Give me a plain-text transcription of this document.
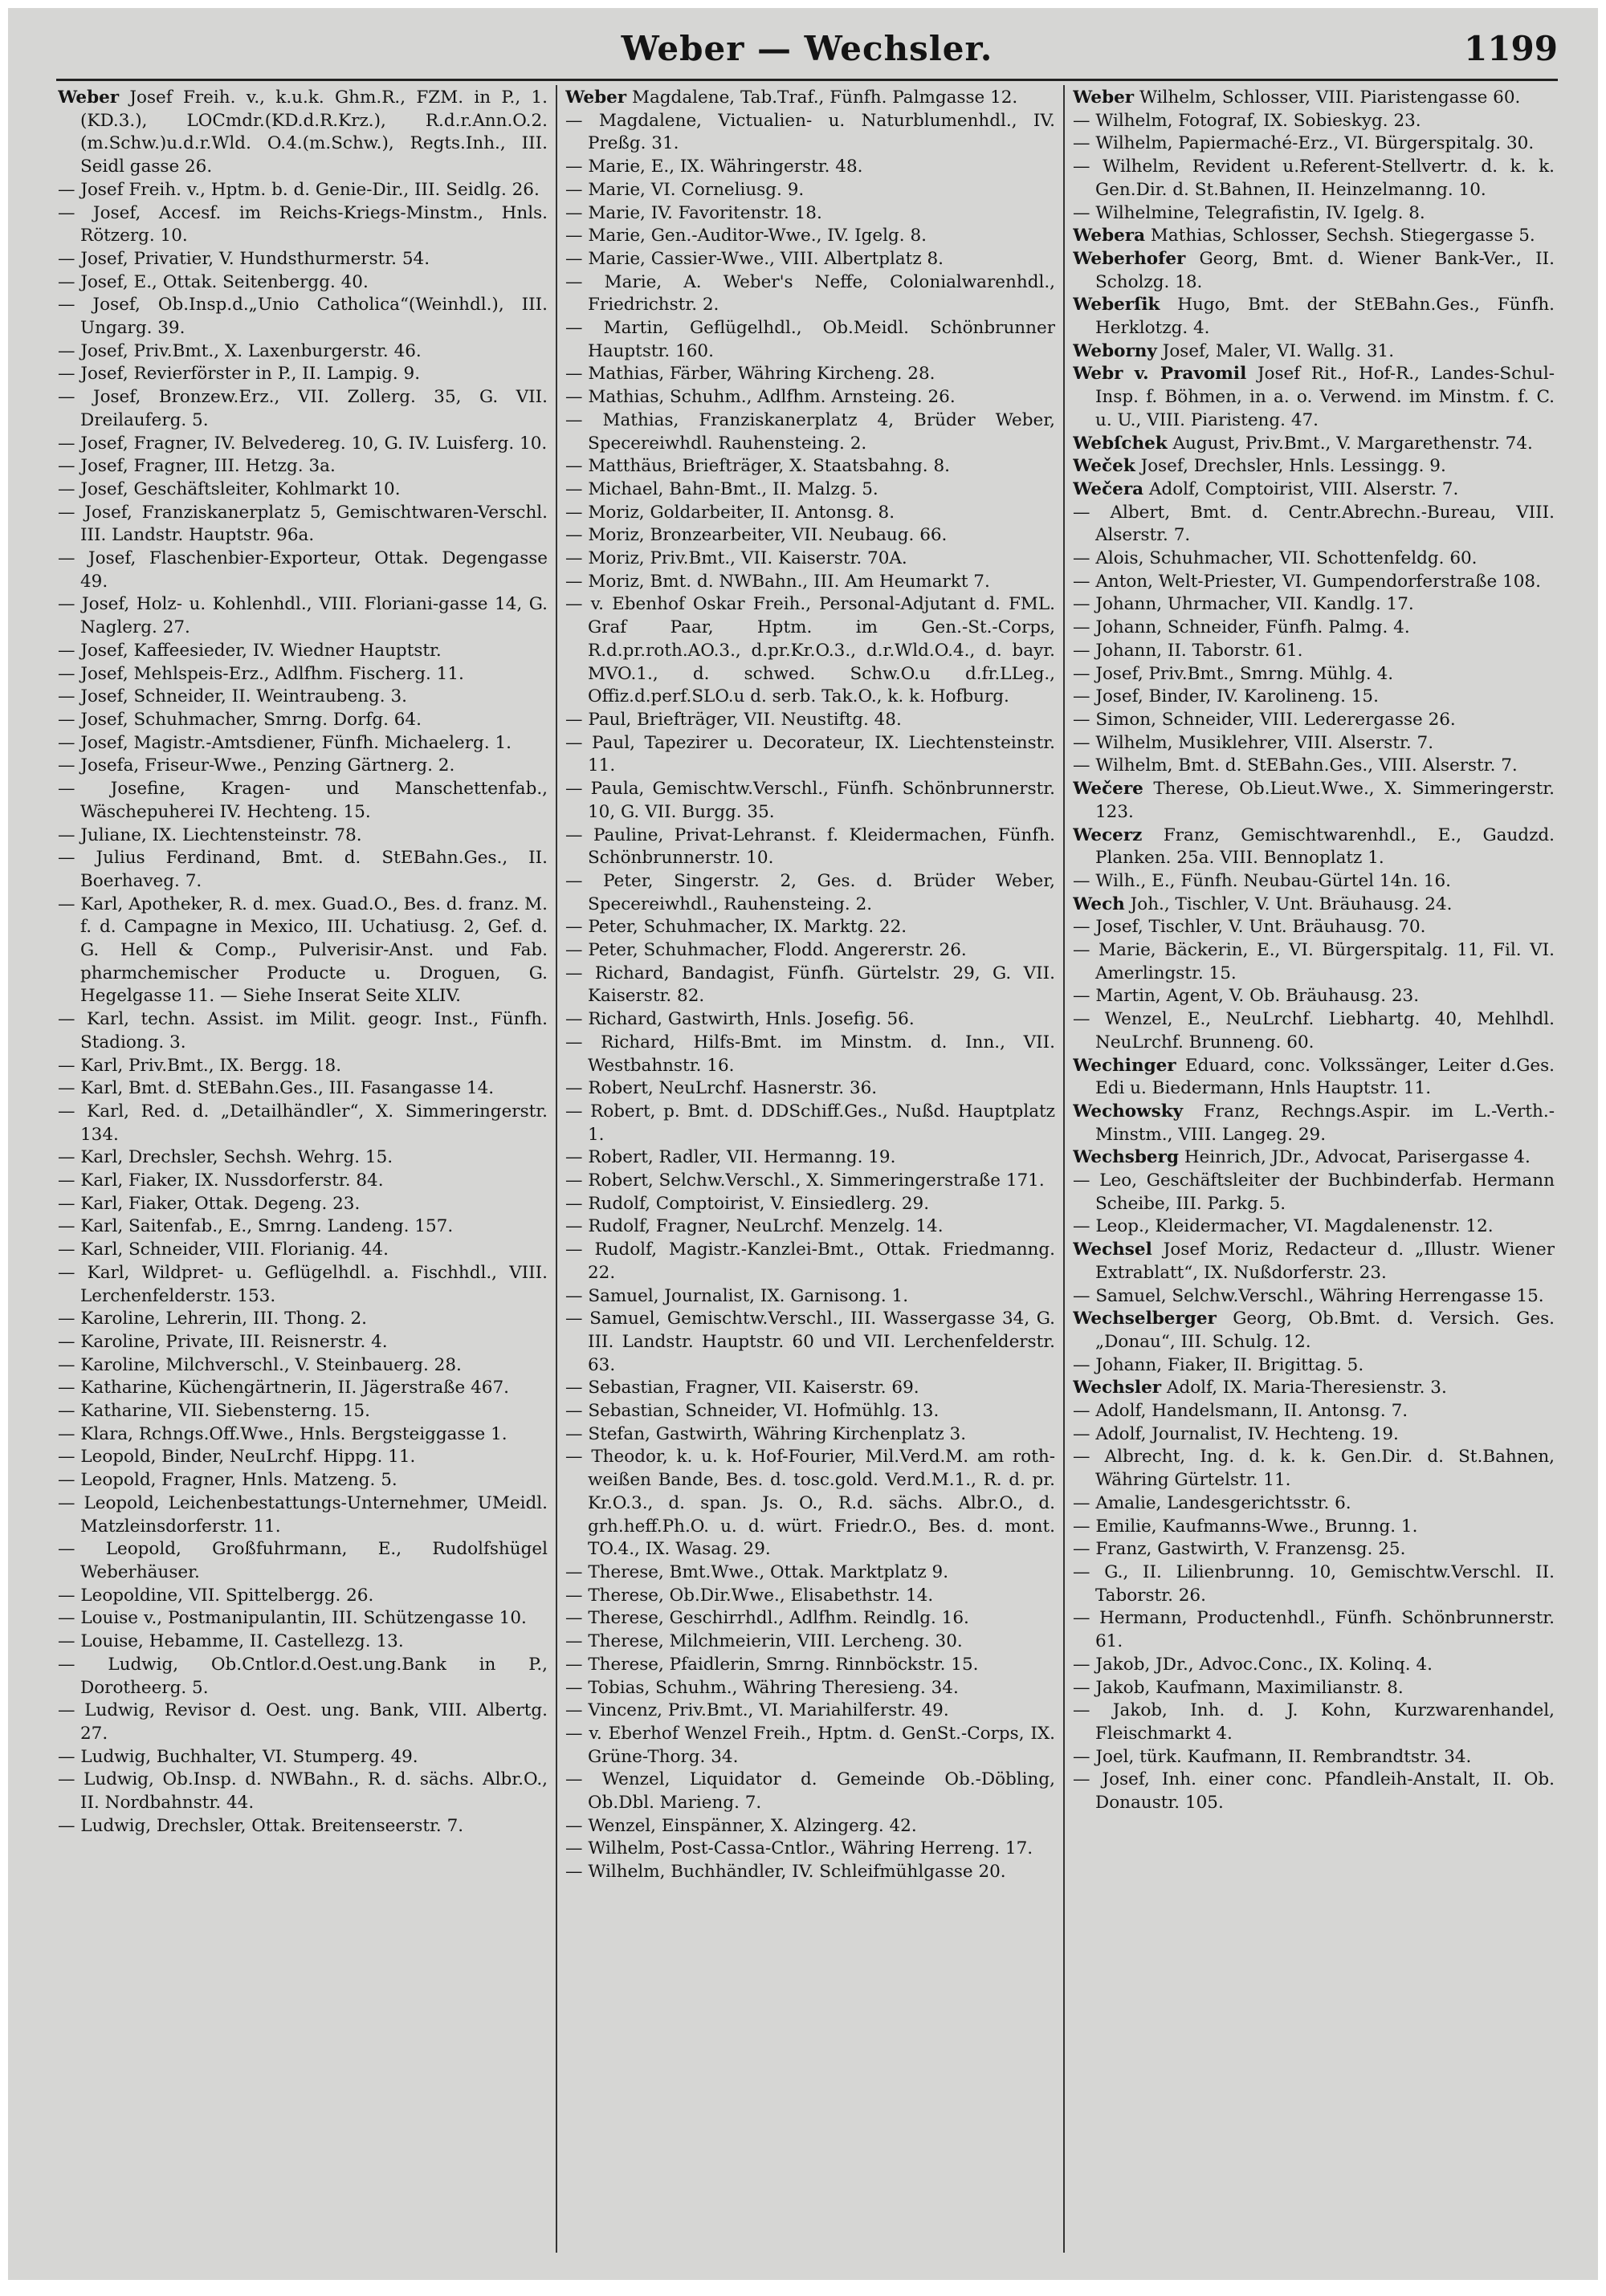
Weber — Wechsler.	1199

Weber Josef Freih. v., k.u.k. Ghm.R., FZM. in P., 1.(KD.3.), LOCmdr.(KD.d.R.Krz.), R.d.r.Ann.O.2.(m.Schw.)u.d.r.Wld. O.4.(m.Schw.), Regts.Inh., III. Seidl gasse 26.

— Josef Freih. v., Hptm. b. d. Genie-Dir., III. Seidlg. 26.

— Josef, Accesf. im Reichs-Kriegs-Minstm., Hnls. Rötzerg. 10.

— Josef, Privatier, V. Hundsthurmerstr. 54.

— Josef, E., Ottak. Seitenbergg. 40.

— Josef, Ob.Insp.d.„Unio Catholica“(Weinhdl.), III. Ungarg. 39.

— Josef, Priv.Bmt., X. Laxenburgerstr. 46.

— Josef, Revierförster in P., II. Lampig. 9.

— Josef, Bronzew.Erz., VII. Zollerg. 35, G. VII. Dreilauferg. 5.

— Josef, Fragner, IV. Belvedereg. 10, G. IV. Luisferg. 10.

— Josef, Fragner, III. Hetzg. 3a.

— Josef, Geschäftsleiter, Kohlmarkt 10.

— Josef, Franziskanerplatz 5, Gemischtwaren-Verschl. III. Landstr. Hauptstr. 96a.

— Josef, Flaschenbier-Exporteur, Ottak. Degengasse 49.

— Josef, Holz- u. Kohlenhdl., VIII. Floriani-gasse 14, G. Naglerg. 27.

— Josef, Kaffeesieder, IV. Wiedner Hauptstr.

— Josef, Mehlspeis-Erz., Adlfhm. Fischerg. 11.

— Josef, Schneider, II. Weintraubeng. 3.

— Josef, Schuhmacher, Smrng. Dorfg. 64.

— Josef, Magistr.-Amtsdiener, Fünfh. Michaelerg. 1.

— Josefa, Friseur-Wwe., Penzing Gärtnerg. 2.

— Josefine, Kragen- und Manschettenfab., Wäschepuherei IV. Hechteng. 15.

— Juliane, IX. Liechtensteinstr. 78.

— Julius Ferdinand, Bmt. d. StEBahn.Ges., II. Boerhaveg. 7.

— Karl, Apotheker, R. d. mex. Guad.O., Bes. d. franz. M. f. d. Campagne in Mexico, III. Uchatiusg. 2, Gef. d. G. Hell & Comp., Pulverisir-Anst. und Fab. pharmchemischer Producte u. Droguen, G. Hegelgasse 11. — Siehe Inserat Seite XLIV.

— Karl, techn. Assist. im Milit. geogr. Inst., Fünfh. Stadiong. 3.

— Karl, Priv.Bmt., IX. Bergg. 18.

— Karl, Bmt. d. StEBahn.Ges., III. Fasangasse 14.

— Karl, Red. d. „Detailhändler“, X. Simmeringerstr. 134.

— Karl, Drechsler, Sechsh. Wehrg. 15.

— Karl, Fiaker, IX. Nussdorferstr. 84.

— Karl, Fiaker, Ottak. Degeng. 23.

— Karl, Saitenfab., E., Smrng. Landeng. 157.

— Karl, Schneider, VIII. Florianig. 44.

— Karl, Wildpret- u. Geflügelhdl. a. Fischhdl., VIII. Lerchenfelderstr. 153.

— Karoline, Lehrerin, III. Thong. 2.

— Karoline, Private, III. Reisnerstr. 4.

— Karoline, Milchverschl., V. Steinbauerg. 28.

— Katharine, Küchengärtnerin, II. Jägerstraße 467.

— Katharine, VII. Siebensterng. 15.

— Klara, Rchngs.Off.Wwe., Hnls. Bergsteiggasse 1.

— Leopold, Binder, NeuLrchf. Hippg. 11.

— Leopold, Fragner, Hnls. Matzeng. 5.

— Leopold, Leichenbestattungs-Unternehmer, UMeidl. Matzleinsdorferstr. 11.

— Leopold, Großfuhrmann, E., Rudolfshügel Weberhäuser.

— Leopoldine, VII. Spittelbergg. 26.

— Louise v., Postmanipulantin, III. Schützengasse 10.

— Louise, Hebamme, II. Castellezg. 13.

— Ludwig, Ob.Cntlor.d.Oest.ung.Bank in P., Dorotheerg. 5.

— Ludwig, Revisor d. Oest. ung. Bank, VIII. Albertg. 27.

— Ludwig, Buchhalter, VI. Stumperg. 49.

— Ludwig, Ob.Insp. d. NWBahn., R. d. sächs. Albr.O., II. Nordbahnstr. 44.

— Ludwig, Drechsler, Ottak. Breitenseerstr. 7.

Weber Magdalene, Tab.Traf., Fünfh. Palmgasse 12.

— Magdalene, Victualien- u. Naturblumenhdl., IV. Preßg. 31.

— Marie, E., IX. Währingerstr. 48.

— Marie, VI. Corneliusg. 9.

— Marie, IV. Favoritenstr. 18.

— Marie, Gen.-Auditor-Wwe., IV. Igelg. 8.

— Marie, Cassier-Wwe., VIII. Albertplatz 8.

— Marie, A. Weber's Neffe, Colonialwarenhdl., Friedrichstr. 2.

— Martin, Geflügelhdl., Ob.Meidl. Schönbrunner Hauptstr. 160.

— Mathias, Färber, Währing Kircheng. 28.

— Mathias, Schuhm., Adlfhm. Arnsteing. 26.

— Mathias, Franziskanerplatz 4, Brüder Weber, Specereiwhdl. Rauhensteing. 2.

— Matthäus, Briefträger, X. Staatsbahng. 8.

— Michael, Bahn-Bmt., II. Malzg. 5.

— Moriz, Goldarbeiter, II. Antonsg. 8.

— Moriz, Bronzearbeiter, VII. Neubaug. 66.

— Moriz, Priv.Bmt., VII. Kaiserstr. 70A.

— Moriz, Bmt. d. NWBahn., III. Am Heumarkt 7.

— v. Ebenhof Oskar Freih., Personal-Adjutant d. FML. Graf Paar, Hptm. im Gen.-St.-Corps, R.d.pr.roth.AO.3., d.pr.Kr.O.3., d.r.Wld.O.4., d. bayr. MVO.1., d. schwed. Schw.O.u d.fr.LLeg., Offiz.d.perf.SLO.u d. serb. Tak.O., k. k. Hofburg.

— Paul, Briefträger, VII. Neustiftg. 48.

— Paul, Tapezirer u. Decorateur, IX. Liechtensteinstr. 11.

— Paula, Gemischtw.Verschl., Fünfh. Schönbrunnerstr. 10, G. VII. Burgg. 35.

— Pauline, Privat-Lehranst. f. Kleidermachen, Fünfh. Schönbrunnerstr. 10.

— Peter, Singerstr. 2, Ges. d. Brüder Weber, Specereiwhdl., Rauhensteing. 2.

— Peter, Schuhmacher, IX. Marktg. 22.

— Peter, Schuhmacher, Flodd. Angererstr. 26.

— Richard, Bandagist, Fünfh. Gürtelstr. 29, G. VII. Kaiserstr. 82.

— Richard, Gastwirth, Hnls. Josefig. 56.

— Richard, Hilfs-Bmt. im Minstm. d. Inn., VII. Westbahnstr. 16.

— Robert, NeuLrchf. Hasnerstr. 36.

— Robert, p. Bmt. d. DDSchiff.Ges., Nußd. Hauptplatz 1.

— Robert, Radler, VII. Hermanng. 19.

— Robert, Selchw.Verschl., X. Simmeringerstraße 171.

— Rudolf, Comptoirist, V. Einsiedlerg. 29.

— Rudolf, Fragner, NeuLrchf. Menzelg. 14.

— Rudolf, Magistr.-Kanzlei-Bmt., Ottak. Friedmanng. 22.

— Samuel, Journalist, IX. Garnisong. 1.

— Samuel, Gemischtw.Verschl., III. Wassergasse 34, G. III. Landstr. Hauptstr. 60 und VII. Lerchenfelderstr. 63.

— Sebastian, Fragner, VII. Kaiserstr. 69.

— Sebastian, Schneider, VI. Hofmühlg. 13.

— Stefan, Gastwirth, Währing Kirchenplatz 3.

— Theodor, k. u. k. Hof-Fourier, Mil.Verd.M. am roth-weißen Bande, Bes. d. tosc.gold. Verd.M.1., R. d. pr. Kr.O.3., d. span. Js. O., R.d. sächs. Albr.O., d. grh.heff.Ph.O. u. d. würt. Friedr.O., Bes. d. mont. TO.4., IX. Wasag. 29.

— Therese, Bmt.Wwe., Ottak. Marktplatz 9.

— Therese, Ob.Dir.Wwe., Elisabethstr. 14.

— Therese, Geschirrhdl., Adlfhm. Reindlg. 16.

— Therese, Milchmeierin, VIII. Lercheng. 30.

— Therese, Pfaidlerin, Smrng. Rinnböckstr. 15.

— Tobias, Schuhm., Währing Theresieng. 34.

— Vincenz, Priv.Bmt., VI. Mariahilferstr. 49.

— v. Eberhof Wenzel Freih., Hptm. d. GenSt.-Corps, IX. Grüne-Thorg. 34.

— Wenzel, Liquidator d. Gemeinde Ob.-Döbling, Ob.Dbl. Marieng. 7.

— Wenzel, Einspänner, X. Alzingerg. 42.

— Wilhelm, Post-Cassa-Cntlor., Währing Herreng. 17.

— Wilhelm, Buchhändler, IV. Schleifmühlgasse 20.

Weber Wilhelm, Schlosser, VIII. Piaristengasse 60.

— Wilhelm, Fotograf, IX. Sobieskyg. 23.

— Wilhelm, Papiermaché-Erz., VI. Bürgerspitalg. 30.

— Wilhelm, Revident u.Referent-Stellvertr. d. k. k. Gen.Dir. d. St.Bahnen, II. Heinzelmanng. 10.

— Wilhelmine, Telegrafistin, IV. Igelg. 8.

Webera Mathias, Schlosser, Sechsh. Stiegergasse 5.

Weberhofer Georg, Bmt. d. Wiener Bank-Ver., II. Scholzg. 18.

Weberſik Hugo, Bmt. der StEBahn.Ges., Fünfh. Herklotzg. 4.

Weborny Josef, Maler, VI. Wallg. 31.

Webr v. Pravomil Josef Rit., Hof-R., Landes-Schul-Insp. f. Böhmen, in a. o. Verwend. im Minstm. f. C. u. U., VIII. Piaristeng. 47.

Webſchek August, Priv.Bmt., V. Margarethenstr. 74.

Weček Josef, Drechsler, Hnls. Lessingg. 9.

Wečera Adolf, Comptoirist, VIII. Alserstr. 7.

— Albert, Bmt. d. Centr.Abrechn.-Bureau, VIII. Alserstr. 7.

— Alois, Schuhmacher, VII. Schottenfeldg. 60.

— Anton, Welt-Priester, VI. Gumpendorferstraße 108.

— Johann, Uhrmacher, VII. Kandlg. 17.

— Johann, Schneider, Fünfh. Palmg. 4.

— Johann, II. Taborstr. 61.

— Josef, Priv.Bmt., Smrng. Mühlg. 4.

— Josef, Binder, IV. Karolineng. 15.

— Simon, Schneider, VIII. Lederergasse 26.

— Wilhelm, Musiklehrer, VIII. Alserstr. 7.

— Wilhelm, Bmt. d. StEBahn.Ges., VIII. Alserstr. 7.

Wečere Therese, Ob.Lieut.Wwe., X. Simmeringerstr. 123.

Wecerz Franz, Gemischtwarenhdl., E., Gaudzd. Planken. 25a. VIII. Bennoplatz 1.

— Wilh., E., Fünfh. Neubau-Gürtel 14n. 16.

Wech Joh., Tischler, V. Unt. Bräuhausg. 24.

— Josef, Tischler, V. Unt. Bräuhausg. 70.

— Marie, Bäckerin, E., VI. Bürgerspitalg. 11, Fil. VI. Amerlingstr. 15.

— Martin, Agent, V. Ob. Bräuhausg. 23.

— Wenzel, E., NeuLrchf. Liebhartg. 40, Mehlhdl. NeuLrchf. Brunneng. 60.

Wechinger Eduard, conc. Volkssänger, Leiter d.Ges. Edi u. Biedermann, Hnls Hauptstr. 11.

Wechowsky Franz, Rechngs.Aspir. im L.-Verth.-Minstm., VIII. Langeg. 29.

Wechsberg Heinrich, JDr., Advocat, Parisergasse 4.

— Leo, Geschäftsleiter der Buchbinderfab. Hermann Scheibe, III. Parkg. 5.

— Leop., Kleidermacher, VI. Magdalenenstr. 12.

Wechsel Josef Moriz, Redacteur d. „Illustr. Wiener Extrablatt“, IX. Nußdorferstr. 23.

— Samuel, Selchw.Verschl., Währing Herrengasse 15.

Wechselberger Georg, Ob.Bmt. d. Versich. Ges. „Donau“, III. Schulg. 12.

— Johann, Fiaker, II. Brigittag. 5.

Wechsler Adolf, IX. Maria-Theresienstr. 3.

— Adolf, Handelsmann, II. Antonsg. 7.

— Adolf, Journalist, IV. Hechteng. 19.

— Albrecht, Ing. d. k. k. Gen.Dir. d. St.Bahnen, Währing Gürtelstr. 11.

— Amalie, Landesgerichtsstr. 6.

— Emilie, Kaufmanns-Wwe., Brunng. 1.

— Franz, Gastwirth, V. Franzensg. 25.

— G., II. Lilienbrunng. 10, Gemischtw.Verschl. II. Taborstr. 26.

— Hermann, Productenhdl., Fünfh. Schönbrunnerstr. 61.

— Jakob, JDr., Advoc.Conc., IX. Kolinq. 4.

— Jakob, Kaufmann, Maximilianstr. 8.

— Jakob, Inh. d. J. Kohn, Kurzwarenhandel, Fleischmarkt 4.

— Joel, türk. Kaufmann, II. Rembrandtstr. 34.

— Josef, Inh. einer conc. Pfandleih-Anstalt, II. Ob. Donaustr. 105.
